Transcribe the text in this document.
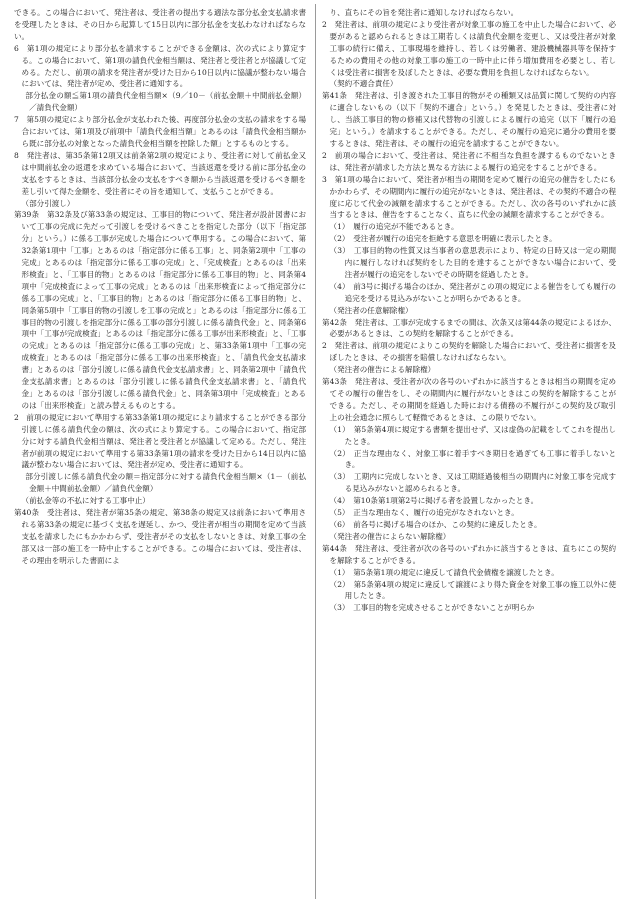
できる。この場合において、発注者は、受注者の提出する適法な部分払金支払請求書を受理したときは、その日から起算して15日以内に部分払金を支払わなければならない。

6　第1項の規定により部分払を請求することができる金額は、次の式により算定する。この場合において、第1項の請負代金相当額は、発注者と受注者とが協議して定める。ただし、前項の請求を発注者が受けた日から10日以内に協議が整わない場合においては、発注者が定め、受注者に通知する。

部分払金の額≦第1項の請負代金相当額×（9／10－（前払金額＋中間前払金額）／請負代金額）

7　第5項の規定により部分払金が支払われた後、再度部分払金の支払の請求をする場合においては、第1項及び前項中「請負代金相当額」とあるのは「請負代金相当額から既に部分払の対象となった請負代金相当額を控除した額」とするものとする。

8　発注者は、第35条第12項又は前条第2項の規定により、受注者に対して前払金又は中間前払金の返還を求めている場合において、当該返還を受ける前に部分払金の支払をするときは、当該部分払金の支払をすべき額から当該返還を受けるべき額を差し引いて得た金額を、受注者にその旨を通知して、支払うことができる。

（部分引渡し）

第39条　第32条及び第33条の規定は、工事目的物について、発注者が設計図書において工事の完成に先だって引渡しを受けるべきことを指定した部分（以下「指定部分」という。）に係る工事が完成した場合について準用する。この場合において、第32条第1項中「工事」とあるのは「指定部分に係る工事」と、同条第2項中「工事の完成」とあるのは「指定部分に係る工事の完成」と、「完成検査」とあるのは「出来形検査」と、「工事目的物」とあるのは「指定部分に係る工事目的物」と、同条第4項中「完成検査によって工事の完成」とあるのは「出来形検査によって指定部分に係る工事の完成」と、「工事目的物」とあるのは「指定部分に係る工事目的物」と、同条第5項中「工事目的物の引渡しを工事の完成と」とあるのは「指定部分に係る工事目的物の引渡しを指定部分に係る工事の部分引渡しに係る請負代金」と、同条第6項中「工事が完成検査」とあるのは「指定部分に係る工事が出来形検査」と、「工事の完成」とあるのは「指定部分に係る工事の完成」と、第33条第1項中「工事の完成検査」とあるのは「指定部分に係る工事の出来形検査」と、「請負代金支払請求書」とあるのは「部分引渡しに係る請負代金支払請求書」と、同条第2項中「請負代金支払請求書」とあるのは「部分引渡しに係る請負代金支払請求書」と、「請負代金」とあるのは「部分引渡しに係る請負代金」と、同条第3項中「完成検査」とあるのは「出来形検査」と読み替えるものとする。

2　前項の規定において準用する第33条第1項の規定により請求することができる部分引渡しに係る請負代金の額は、次の式により算定する。この場合において、指定部分に対する請負代金相当額は、発注者と受注者とが協議して定める。ただし、発注者が前項の規定において準用する第33条第1項の請求を受けた日から14日以内に協議が整わない場合においては、発注者が定め、受注者に通知する。

部分引渡しに係る請負代金の額＝指定部分に対する請負代金相当額×（1－（前払金額＋中間前払金額）／請負代金額）

（前払金等の不払に対する工事中止）

第40条　受注者は、発注者が第35条の規定、第38条の規定又は前条において準用される第33条の規定に基づく支払を遅延し、かつ、受注者が相当の期間を定めて当該支払を請求したにもかかわらず、受注者がその支払をしないときは、対象工事の全部又は一部の施工を一時中止することができる。この場合においては、受注者は、その理由を明示した書面によ

り、直ちにその旨を発注者に通知しなければならない。

2　発注者は、前項の規定により受注者が対象工事の施工を中止した場合において、必要があると認められるときは工期若しくは請負代金額を変更し、又は受注者が対象工事の続行に備え、工事現場を維持し、若しくは労働者、建設機械器具等を保持するための費用その他の対象工事の施工の一時中止に伴う増加費用を必要とし、若しくは受注者に損害を及ぼしたときは、必要な費用を負担しなければならない。

（契約不適合責任）

第41条　発注者は、引き渡された工事目的物がその種類又は品質に関して契約の内容に適合しないもの（以下「契約不適合」という。）を発見したときは、受注者に対し、当該工事目的物の修補又は代替物の引渡しによる履行の追完（以下「履行の追完」という。）を請求することができる。ただし、その履行の追完に過分の費用を要するときは、発注者は、その履行の追完を請求することができない。

2　前項の場合において、受注者は、発注者に不相当な負担を課するものでないときは、発注者が請求した方法と異なる方法による履行の追完をすることができる。

3　第1項の場合において、発注者が相当の期間を定めて履行の追完の催告をしたにもかかわらず、その期間内に履行の追完がないときは、発注者は、その契約不適合の程度に応じて代金の減額を請求することができる。ただし、次の各号のいずれかに該当するときは、催告をすることなく、直ちに代金の減額を請求することができる。

（1）　履行の追完が不能であるとき。

（2）　受注者が履行の追完を拒絶する意思を明確に表示したとき。

（3）　工事目的物の性質又は当事者の意思表示により、特定の日時又は一定の期間内に履行しなければ契約をした目的を達することができない場合において、受注者が履行の追完をしないでその時期を経過したとき。

（4）　前3号に掲げる場合のほか、発注者がこの項の規定による催告をしても履行の追完を受ける見込みがないことが明らかであるとき。

（発注者の任意解除権）

第42条　発注者は、工事が完成するまでの間は、次条又は第44条の規定によるほか、必要があるときは、この契約を解除することができる。

2　発注者は、前項の規定によりこの契約を解除した場合において、受注者に損害を及ぼしたときは、その損害を賠償しなければならない。

（発注者の催告による解除権）

第43条　発注者は、受注者が次の各号のいずれかに該当するときは相当の期間を定めてその履行の催告をし、その期間内に履行がないときはこの契約を解除することができる。ただし、その期間を経過した時における債務の不履行がこの契約及び取引上の社会通念に照らして軽微であるときは、この限りでない。

（1）　第5条第4項に規定する書類を提出せず、又は虚偽の記載をしてこれを提出したとき。

（2）　正当な理由なく、対象工事に着手すべき期日を過ぎても工事に着手しないとき。

（3）　工期内に完成しないとき、又は工期経過後相当の期間内に対象工事を完成する見込みがないと認められるとき。

（4）　第10条第1項第2号に掲げる者を設置しなかったとき。

（5）　正当な理由なく、履行の追完がなされないとき。

（6）　前各号に掲げる場合のほか、この契約に違反したとき。

（発注者の催告によらない解除権）

第44条　発注者は、受注者が次の各号のいずれかに該当するときは、直ちにこの契約を解除することができる。

（1）　第5条第1項の規定に違反して請負代金債権を譲渡したとき。

（2）　第5条第4項の規定に違反して譲渡により得た資金を対象工事の施工以外に使用したとき。

（3）　工事目的物を完成させることができないことが明らか
